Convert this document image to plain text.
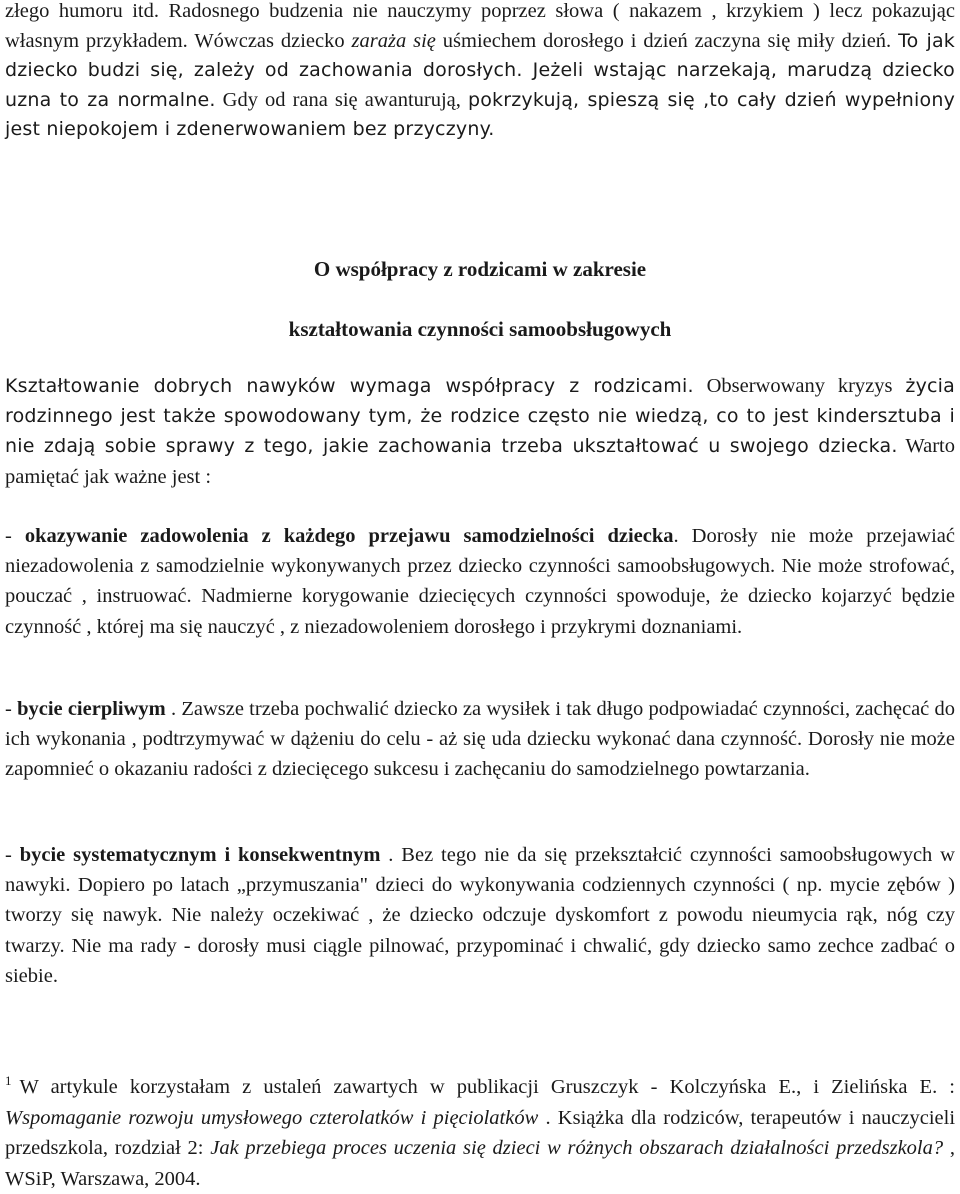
złego humoru itd. Radosnego budzenia nie nauczymy poprzez słowa ( nakazem , krzykiem ) lecz pokazując własnym przykładem. Wówczas dziecko zaraża się uśmiechem dorosłego i dzień zaczyna się miły dzień. To jak dziecko budzi się, zależy od zachowania dorosłych. Jeżeli wstając narzekają, marudzą dziecko uzna to za normalne. Gdy od rana się awanturują, pokrzykują, spieszą się ,to cały dzień wypełniony jest niepokojem i zdenerwowaniem bez przyczyny.

O współpracy z rodzicami w zakresie
kształtowania czynności samoobsługowych

Kształtowanie dobrych nawyków wymaga współpracy z rodzicami. Obserwowany kryzys życia rodzinnego jest także spowodowany tym, że rodzice często nie wiedzą, co to jest kindersztuba i nie zdają sobie sprawy z tego, jakie zachowania trzeba ukształtować u swojego dziecka. Warto pamiętać jak ważne jest :

- okazywanie zadowolenia z każdego przejawu samodzielności dziecka. Dorosły nie może przejawiać niezadowolenia z samodzielnie wykonywanych przez dziecko czynności samoobsługowych. Nie może strofować, pouczać , instruować. Nadmierne korygowanie dziecięcych czynności spowoduje, że dziecko kojarzyć będzie czynność , której ma się nauczyć , z niezadowoleniem dorosłego i przykrymi doznaniami.

- bycie cierpliwym . Zawsze trzeba pochwalić dziecko za wysiłek i tak długo podpowiadać czynności, zachęcać do ich wykonania , podtrzymywać w dążeniu do celu - aż się uda dziecku wykonać dana czynność. Dorosły nie może zapomnieć o okazaniu radości z dziecięcego sukcesu i zachęcaniu do samodzielnego powtarzania.

- bycie systematycznym i konsekwentnym . Bez tego nie da się przekształcić czynności samoobsługowych w nawyki. Dopiero po latach „przymuszania" dzieci do wykonywania codziennych czynności ( np. mycie zębów ) tworzy się nawyk. Nie należy oczekiwać , że dziecko odczuje dyskomfort z powodu nieumycia rąk, nóg czy twarzy. Nie ma rady - dorosły musi ciągle pilnować, przypominać i chwalić, gdy dziecko samo zechce zadbać o siebie.

$^1$ W artykule korzystałam z ustaleń zawartych w publikacji Gruszczyk - Kolczyńska E., i Zielińska E. : Wspomaganie rozwoju umysłowego czterolatków i pięciolatków . Książka dla rodziców, terapeutów i nauczycieli przedszkola, rozdział 2: Jak przebiega proces uczenia się dzieci w różnych obszarach działalności przedszkola? , WSiP, Warszawa, 2004.
